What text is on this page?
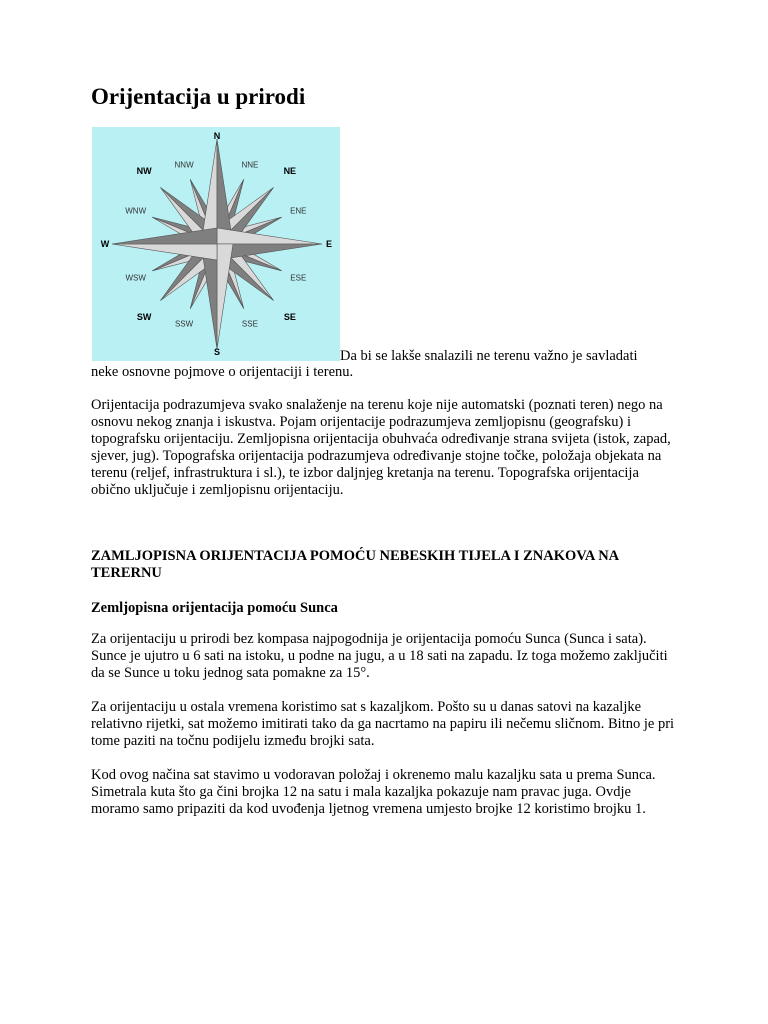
Orijentacija u prirodi
N
E
S
W
NE
SE
SW
NW
NNE
ENE
ESE
SSE
SSW
WSW
WNW
NNW
Da bi se lakše snalazili ne terenu važno je savladati
neke osnovne pojmove o orijentaciji i terenu.

Orijentacija podrazumjeva svako snalaženje na terenu koje nije automatski (poznati teren) nego na osnovu nekog znanja i iskustva. Pojam orijentacije podrazumjeva zemljopisnu (geografsku) i topografsku orijentaciju. Zemljopisna orijentacija obuhvaća određivanje strana svijeta (istok, zapad, sjever, jug). Topografska orijentacija podrazumjeva određivanje stojne točke, položaja objekata na terenu (reljef, infrastruktura i sl.), te izbor daljnjeg kretanja na terenu. Topografska orijentacija obično uključuje i zemljopisnu orijentaciju.

ZAMLJOPISNA ORIJENTACIJA POMOĆU NEBESKIH TIJELA I ZNAKOVA NA TERERNU

Zemljopisna orijentacija pomoću Sunca

Za orijentaciju u prirodi bez kompasa najpogodnija je orijentacija pomoću Sunca (Sunca i sata). Sunce je ujutro u 6 sati na istoku, u podne na jugu, a u 18 sati na zapadu. Iz toga možemo zaključiti da se Sunce u toku jednog sata pomakne za 15°.

Za orijentaciju u ostala vremena koristimo sat s kazaljkom. Pošto su u danas satovi na kazaljke relativno rijetki, sat možemo imitirati tako da ga nacrtamo na papiru ili nečemu sličnom. Bitno je pri tome paziti na točnu podijelu između brojki sata.

Kod ovog načina sat stavimo u vodoravan položaj i okrenemo malu kazaljku sata u prema Sunca. Simetrala kuta što ga čini brojka 12 na satu i mala kazaljka pokazuje nam pravac juga. Ovdje moramo samo pripaziti da kod uvođenja ljetnog vremena umjesto brojke 12 koristimo brojku 1.
